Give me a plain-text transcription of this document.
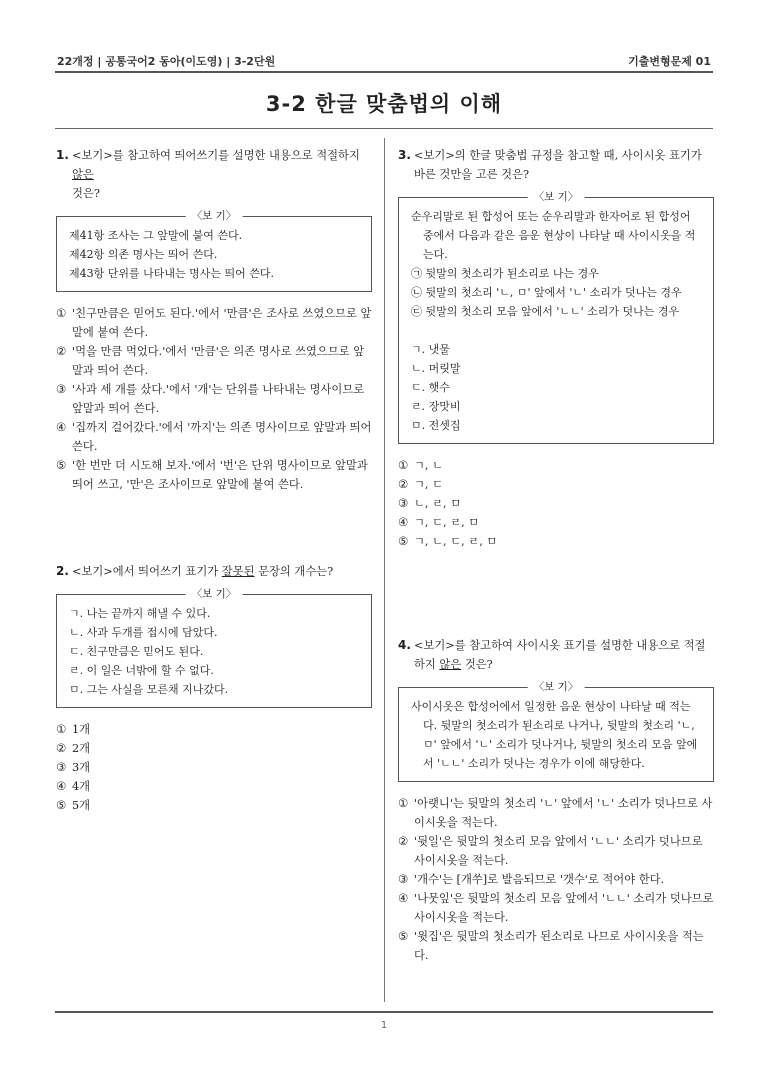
22개정 | 공통국어2 동아(이도영) | 3-2단원	기출변형문제 01
3-2 한글 맞춤법의 이해
1. <보기>를 참고하여 띄어쓰기를 설명한 내용으로 적절하지 않은
것은?
〈보 기〉
제41항 조사는 그 앞말에 붙여 쓴다.
제42항 의존 명사는 띄어 쓴다.
제43항 단위를 나타내는 명사는 띄어 쓴다.
① '친구만큼은 믿어도 된다.'에서 '만큼'은 조사로 쓰였으므로 앞말에 붙여 쓴다.
② '먹을 만큼 먹었다.'에서 '만큼'은 의존 명사로 쓰였으므로 앞말과 띄어 쓴다.
③ '사과 세 개를 샀다.'에서 '개'는 단위를 나타내는 명사이므로 앞말과 띄어 쓴다.
④ '집까지 걸어갔다.'에서 '까지'는 의존 명사이므로 앞말과 띄어 쓴다.
⑤ '한 번만 더 시도해 보자.'에서 '번'은 단위 명사이므로 앞말과 띄어 쓰고, '만'은 조사이므로 앞말에 붙여 쓴다.
2. <보기>에서 띄어쓰기 표기가 잘못된 문장의 개수는?
〈보 기〉
ㄱ. 나는 끝까지 해낼 수 있다.
ㄴ. 사과 두개를 접시에 담았다.
ㄷ. 친구만큼은 믿어도 된다.
ㄹ. 이 일은 너밖에 할 수 없다.
ㅁ. 그는 사실을 모른채 지나갔다.
① 1개
② 2개
③ 3개
④ 4개
⑤ 5개
3. <보기>의 한글 맞춤법 규정을 참고할 때, 사이시옷 표기가 바른 것만을 고른 것은?
〈보 기〉
순우리말로 된 합성어 또는 순우리말과 한자어로 된 합성어 중에서 다음과 같은 음운 현상이 나타날 때 사이시옷을 적는다.
㉠ 뒷말의 첫소리가 된소리로 나는 경우
㉡ 뒷말의 첫소리 'ㄴ, ㅁ' 앞에서 'ㄴ' 소리가 덧나는 경우
㉢ 뒷말의 첫소리 모음 앞에서 'ㄴㄴ' 소리가 덧나는 경우
ㄱ. 냇물
ㄴ. 머릿말
ㄷ. 햇수
ㄹ. 장맛비
ㅁ. 전셋집
① ㄱ, ㄴ
② ㄱ, ㄷ
③ ㄴ, ㄹ, ㅁ
④ ㄱ, ㄷ, ㄹ, ㅁ
⑤ ㄱ, ㄴ, ㄷ, ㄹ, ㅁ
4. <보기>를 참고하여 사이시옷 표기를 설명한 내용으로 적절하지 않은 것은?
〈보 기〉
사이시옷은 합성어에서 일정한 음운 현상이 나타날 때 적는다. 뒷말의 첫소리가 된소리로 나거나, 뒷말의 첫소리 'ㄴ, ㅁ' 앞에서 'ㄴ' 소리가 덧나거나, 뒷말의 첫소리 모음 앞에서 'ㄴㄴ' 소리가 덧나는 경우가 이에 해당한다.
① '아랫니'는 뒷말의 첫소리 'ㄴ' 앞에서 'ㄴ' 소리가 덧나므로 사이시옷을 적는다.
② '뒷일'은 뒷말의 첫소리 모음 앞에서 'ㄴㄴ' 소리가 덧나므로 사이시옷을 적는다.
③ '개수'는 [개쑤]로 발음되므로 '갯수'로 적어야 한다.
④ '나뭇잎'은 뒷말의 첫소리 모음 앞에서 'ㄴㄴ' 소리가 덧나므로 사이시옷을 적는다.
⑤ '윗집'은 뒷말의 첫소리가 된소리로 나므로 사이시옷을 적는다.
1
